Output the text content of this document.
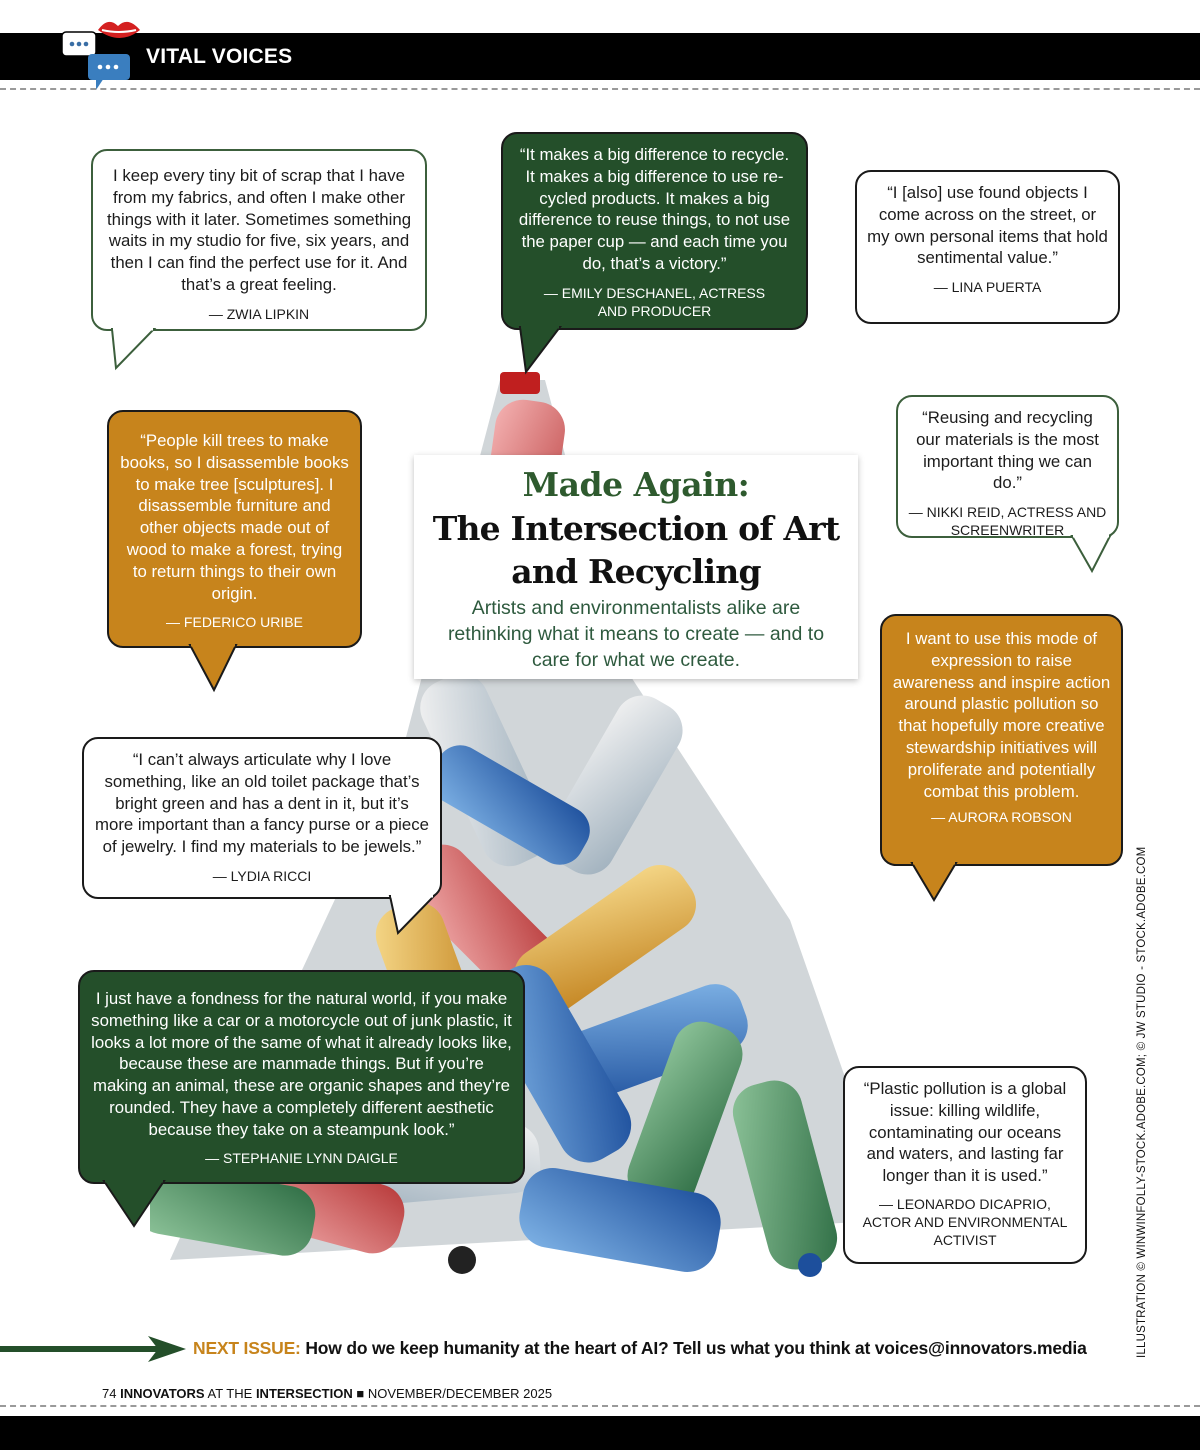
VITAL VOICES
I keep every tiny bit of scrap that I have from my fabrics, and often I make other things with it later. Sometimes something waits in my studio for five, six years, and then I can find the perfect use for it. And that’s a great feeling.
— ZWIA LIPKIN
“It makes a big difference to recycle. It makes a big difference to use re-cycled products. It makes a big difference to reuse things, to not use the paper cup — and each time you do, that’s a victory.”
— EMILY DESCHANEL, ACTRESS
AND PRODUCER
“I [also] use found objects I come across on the street, or my own personal items that hold sentimental value.”
— LINA PUERTA
“People kill trees to make books, so I disassemble books to make tree [sculptures]. I disassemble furniture and other objects made out of wood to make a forest, trying to return things to their own origin.
— FEDERICO URIBE
“Reusing and recycling our materials is the most important thing we can do.”
— NIKKI REID, ACTRESS AND
SCREENWRITER
I want to use this mode of expression to raise awareness and inspire action around plastic pollution so that hopefully more creative stewardship initiatives will proliferate and potentially combat this problem.
— AURORA ROBSON
“I can’t always articulate why I love something, like an old toilet package that’s bright green and has a dent in it, but it’s more important than a fancy purse or a piece of jewelry. I find my materials to be jewels.”
— LYDIA RICCI
I just have a fondness for the natural world, if you make something like a car or a motorcycle out of junk plastic, it looks a lot more of the same of what it already looks like, because these are manmade things. But if you’re making an animal, these are organic shapes and they’re rounded. They have a completely different aesthetic because they take on a steampunk look.”
— STEPHANIE LYNN DAIGLE
“Plastic pollution is a global issue: killing wildlife, contaminating our oceans and waters, and lasting far longer than it is used.”
— LEONARDO DICAPRIO,
ACTOR AND ENVIRONMENTAL
ACTIVIST
Made Again:
The Intersection of Art
and Recycling
Artists and environmentalists alike are rethinking what it means to create — and to care for what we create.
NEXT ISSUE: How do we keep humanity at the heart of AI? Tell us what you think at voices@innovators.media
74 INNOVATORS AT THE INTERSECTION ■ NOVEMBER/DECEMBER 2025
ILLUSTRATION © WINWINFOLLY-STOCK.ADOBE.COM; © JW STUDIO - STOCK.ADOBE.COM
